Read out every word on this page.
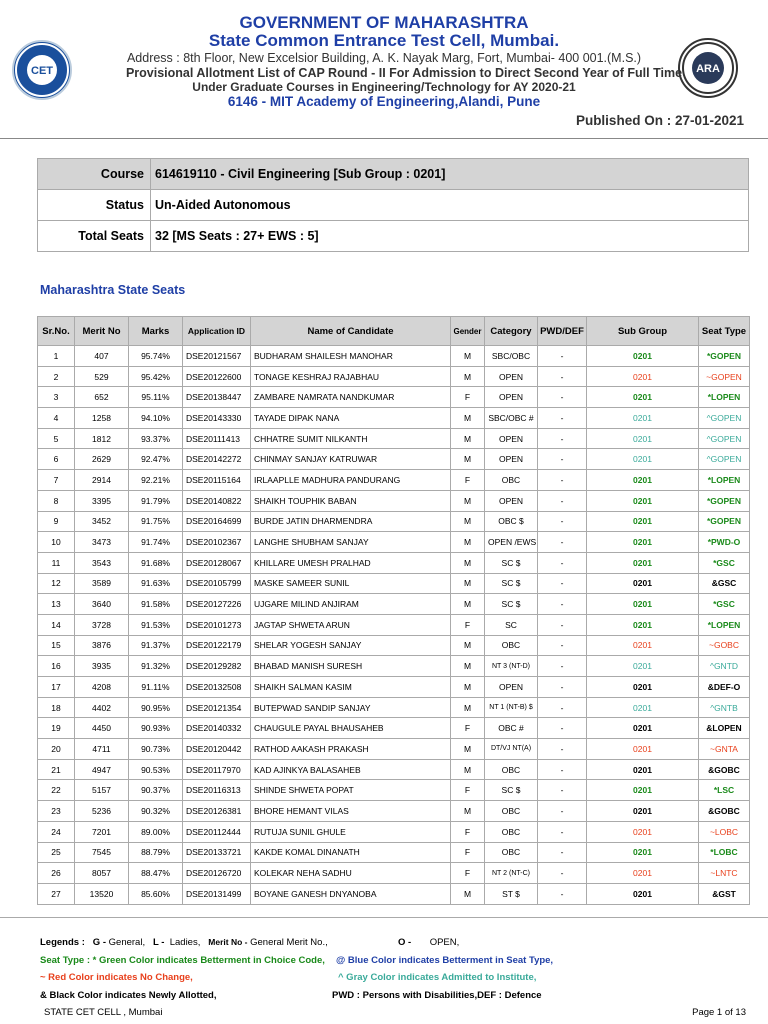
CET	ARA
GOVERNMENT OF MAHARASHTRA
State Common Entrance Test Cell, Mumbai.
Address : 8th Floor, New Excelsior Building, A. K. Nayak Marg, Fort, Mumbai- 400 001.(M.S.)
Provisional Allotment List of CAP Round - II For Admission to Direct Second Year of Full Time
Under Graduate Courses in Engineering/Technology for AY 2020-21
6146 - MIT Academy of Engineering,Alandi, Pune
Published On : 27-01-2021
Course	614619110 - Civil Engineering [Sub Group : 0201]
Status	Un-Aided Autonomous
Total Seats	32 [MS Seats : 27+ EWS : 5]
Maharashtra State Seats
Sr.No.	Merit No	Marks	Application ID	Name of Candidate	Gender	Category	PWD/DEF	Sub Group	Seat Type
1	407	95.74%	DSE20121567	BUDHARAM SHAILESH MANOHAR	M	SBC/OBC	-	0201	*GOPEN
2	529	95.42%	DSE20122600	TONAGE KESHRAJ RAJABHAU	M	OPEN	-	0201	~GOPEN
3	652	95.11%	DSE20138447	ZAMBARE NAMRATA NANDKUMAR	F	OPEN	-	0201	*LOPEN
4	1258	94.10%	DSE20143330	TAYADE DIPAK NANA	M	SBC/OBC #	-	0201	^GOPEN
5	1812	93.37%	DSE20111413	CHHATRE SUMIT NILKANTH	M	OPEN	-	0201	^GOPEN
6	2629	92.47%	DSE20142272	CHINMAY SANJAY KATRUWAR	M	OPEN	-	0201	^GOPEN
7	2914	92.21%	DSE20115164	IRLAAPLLE MADHURA PANDURANG	F	OBC	-	0201	*LOPEN
8	3395	91.79%	DSE20140822	SHAIKH TOUPHIK BABAN	M	OPEN	-	0201	*GOPEN
9	3452	91.75%	DSE20164699	BURDE JATIN DHARMENDRA	M	OBC $	-	0201	*GOPEN
10	3473	91.74%	DSE20102367	LANGHE SHUBHAM SANJAY	M	OPEN /EWS	-	0201	*PWD-O
11	3543	91.68%	DSE20128067	KHILLARE UMESH PRALHAD	M	SC $	-	0201	*GSC
12	3589	91.63%	DSE20105799	MASKE SAMEER SUNIL	M	SC $	-	0201	&GSC
13	3640	91.58%	DSE20127226	UJGARE MILIND ANJIRAM	M	SC $	-	0201	*GSC
14	3728	91.53%	DSE20101273	JAGTAP SHWETA ARUN	F	SC	-	0201	*LOPEN
15	3876	91.37%	DSE20122179	SHELAR YOGESH SANJAY	M	OBC	-	0201	~GOBC
16	3935	91.32%	DSE20129282	BHABAD MANISH SURESH	M	NT 3 (NT-D)	-	0201	^GNTD
17	4208	91.11%	DSE20132508	SHAIKH SALMAN KASIM	M	OPEN	-	0201	&DEF-O
18	4402	90.95%	DSE20121354	BUTEPWAD SANDIP SANJAY	M	NT 1 (NT-B) $	-	0201	^GNTB
19	4450	90.93%	DSE20140332	CHAUGULE PAYAL BHAUSAHEB	F	OBC #	-	0201	&LOPEN
20	4711	90.73%	DSE20120442	RATHOD AAKASH PRAKASH	M	DT/VJ NT(A)	-	0201	~GNTA
21	4947	90.53%	DSE20117970	KAD AJINKYA BALASAHEB	M	OBC	-	0201	&GOBC
22	5157	90.37%	DSE20116313	SHINDE SHWETA POPAT	F	SC $	-	0201	*LSC
23	5236	90.32%	DSE20126381	BHORE HEMANT VILAS	M	OBC	-	0201	&GOBC
24	7201	89.00%	DSE20112444	RUTUJA SUNIL GHULE	F	OBC	-	0201	~LOBC
25	7545	88.79%	DSE20133721	KAKDE KOMAL DINANATH	F	OBC	-	0201	*LOBC
26	8057	88.47%	DSE20126720	KOLEKAR NEHA SADHU	F	NT 2 (NT-C)	-	0201	~LNTC
27	13520	85.60%	DSE20131499	BOYANE GANESH DNYANOBA	M	ST $	-	0201	&GST
Legends : G - General, L - Ladies, Merit No - General Merit No.,	O - OPEN,
Seat Type : * Green Color indicates Betterment in Choice Code, @ Blue Color indicates Betterment in Seat Type,
~ Red Color indicates No Change,	^ Gray Color indicates Admitted to Institute,
& Black Color indicates Newly Allotted,	PWD : Persons with Disabilities,DEF : Defence
STATE CET CELL , Mumbai	Page 1 of 13
